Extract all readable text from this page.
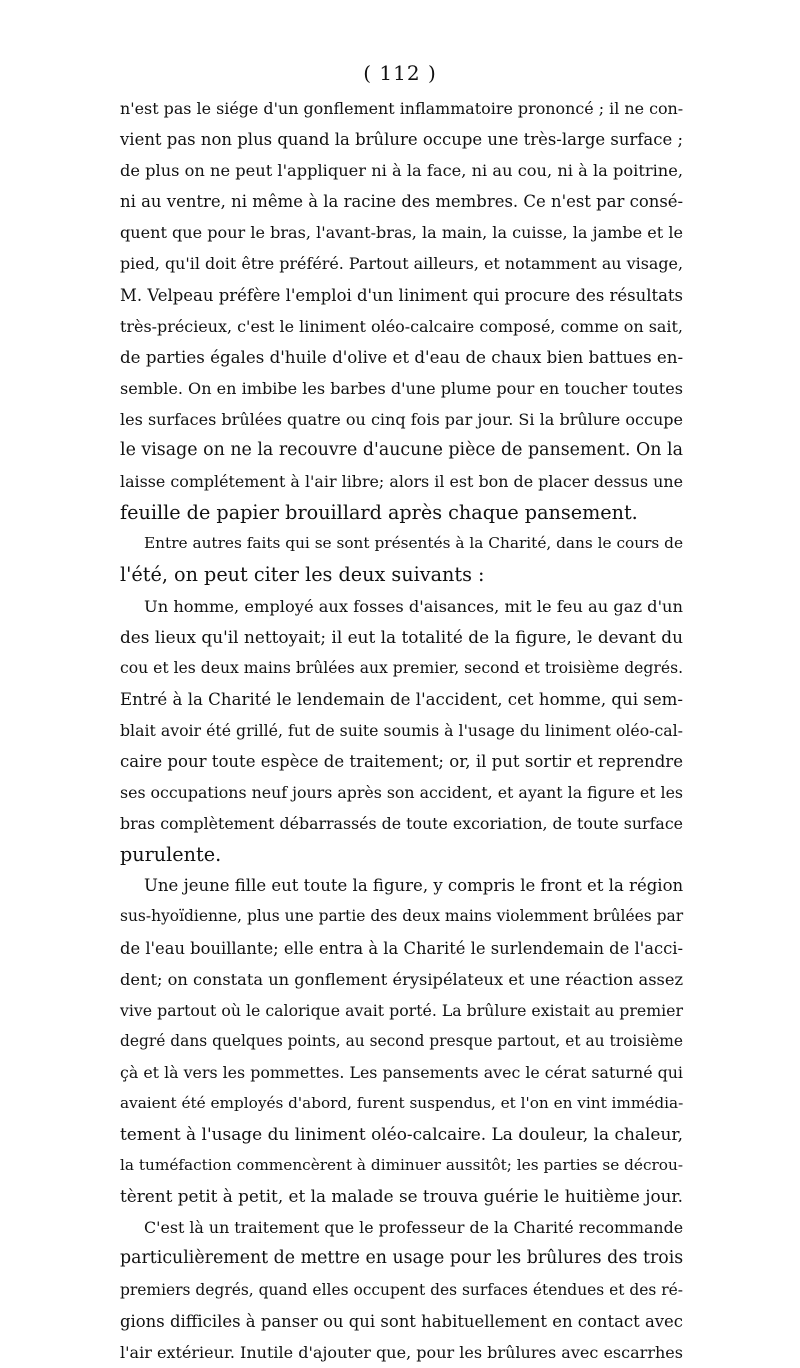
( 112 )
n'est pas le siége d'un gonflement inflammatoire prononcé ; il ne con-
vient pas non plus quand la brûlure occupe une très-large surface ;
de plus on ne peut l'appliquer ni à la face, ni au cou, ni à la poitrine,
ni au ventre, ni même à la racine des membres. Ce n'est par consé-
quent que pour le bras, l'avant-bras, la main, la cuisse, la jambe et le
pied, qu'il doit être préféré. Partout ailleurs, et notamment au visage,
M. Velpeau préfère l'emploi d'un liniment qui procure des résultats
très-précieux, c'est le liniment oléo-calcaire composé, comme on sait,
de parties égales d'huile d'olive et d'eau de chaux bien battues en-
semble. On en imbibe les barbes d'une plume pour en toucher toutes
les surfaces brûlées quatre ou cinq fois par jour. Si la brûlure occupe
le visage on ne la recouvre d'aucune pièce de pansement. On la
laisse complétement à l'air libre; alors il est bon de placer dessus une
feuille de papier brouillard après chaque pansement.
Entre autres faits qui se sont présentés à la Charité, dans le cours de
l'été, on peut citer les deux suivants :
Un homme, employé aux fosses d'aisances, mit le feu au gaz d'un
des lieux qu'il nettoyait; il eut la totalité de la figure, le devant du
cou et les deux mains brûlées aux premier, second et troisième degrés.
Entré à la Charité le lendemain de l'accident, cet homme, qui sem-
blait avoir été grillé, fut de suite soumis à l'usage du liniment oléo-cal-
caire pour toute espèce de traitement; or, il put sortir et reprendre
ses occupations neuf jours après son accident, et ayant la figure et les
bras complètement débarrassés de toute excoriation, de toute surface
purulente.
Une jeune fille eut toute la figure, y compris le front et la région
sus-hyoïdienne, plus une partie des deux mains violemment brûlées par
de l'eau bouillante; elle entra à la Charité le surlendemain de l'acci-
dent; on constata un gonflement érysipélateux et une réaction assez
vive partout où le calorique avait porté. La brûlure existait au premier
degré dans quelques points, au second presque partout, et au troisième
çà et là vers les pommettes. Les pansements avec le cérat saturné qui
avaient été employés d'abord, furent suspendus, et l'on en vint immédia-
tement à l'usage du liniment oléo-calcaire. La douleur, la chaleur,
la tuméfaction commencèrent à diminuer aussitôt; les parties se décrou-
tèrent petit à petit, et la malade se trouva guérie le huitième jour.
C'est là un traitement que le professeur de la Charité recommande
particulièrement de mettre en usage pour les brûlures des trois
premiers degrés, quand elles occupent des surfaces étendues et des ré-
gions difficiles à panser ou qui sont habituellement en contact avec
l'air extérieur. Inutile d'ajouter que, pour les brûlures avec escarrhes
